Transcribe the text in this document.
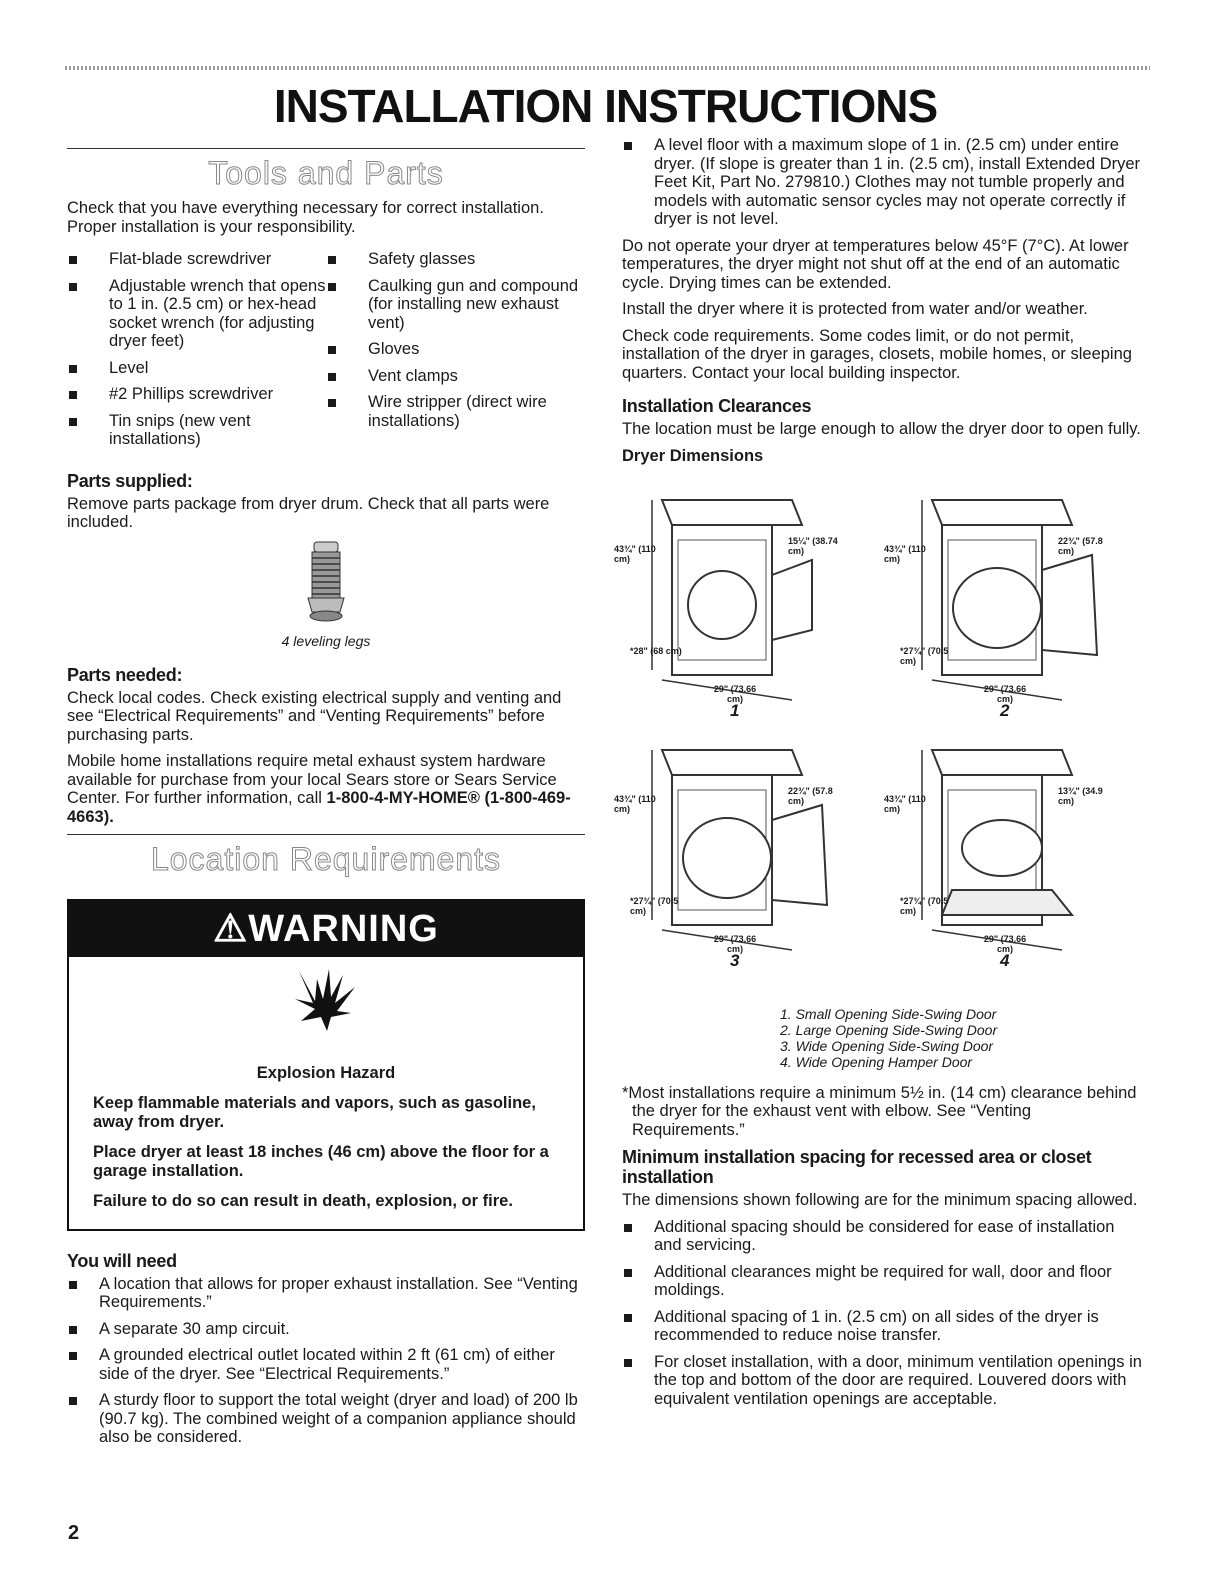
INSTALLATION INSTRUCTIONS
Tools and Parts

Check that you have everything necessary for correct installation. Proper installation is your responsibility.

Flat-blade screwdriver
Adjustable wrench that opens to 1 in. (2.5 cm) or hex-head socket wrench (for adjusting dryer feet)
Level
#2 Phillips screwdriver
Tin snips (new vent installations)
Safety glasses
Caulking gun and compound (for installing new exhaust vent)
Gloves
Vent clamps
Wire stripper (direct wire installations)
Parts supplied:

Remove parts package from dryer drum. Check that all parts were included.

4 leveling legs
Parts needed:

Check local codes. Check existing electrical supply and venting and see “Electrical Requirements” and “Venting Requirements” before purchasing parts.

Mobile home installations require metal exhaust system hardware available for purchase from your local Sears store or Sears Service Center. For further information, call 1-800-4-MY-HOME® (1-800-469-4663).

Location Requirements
⚠WARNING

Explosion Hazard

Keep flammable materials and vapors, such as gasoline, away from dryer.

Place dryer at least 18 inches (46 cm) above the floor for a garage installation.

Failure to do so can result in death, explosion, or fire.

You will need
A location that allows for proper exhaust installation. See “Venting Requirements.”
A separate 30 amp circuit.
A grounded electrical outlet located within 2 ft (61 cm) of either side of the dryer. See “Electrical Requirements.”
A sturdy floor to support the total weight (dryer and load) of 200 lb (90.7 kg). The combined weight of a companion appliance should also be considered.
A level floor with a maximum slope of 1 in. (2.5 cm) under entire dryer. (If slope is greater than 1 in. (2.5 cm), install Extended Dryer Feet Kit, Part No. 279810.) Clothes may not tumble properly and models with automatic sensor cycles may not operate correctly if dryer is not level.

Do not operate your dryer at temperatures below 45°F (7°C). At lower temperatures, the dryer might not shut off at the end of an automatic cycle. Drying times can be extended.

Install the dryer where it is protected from water and/or weather.

Check code requirements. Some codes limit, or do not permit, installation of the dryer in garages, closets, mobile homes, or sleeping quarters. Contact your local building inspector.

Installation Clearances

The location must be large enough to allow the dryer door to open fully.

Dryer Dimensions
43¾" (110 cm)
*28" (68 cm)
29" (73.66 cm)
15¼" (38.74 cm)
1
43¾" (110 cm)
*27¾" (70.5 cm)
29" (73.66 cm)
22¾" (57.8 cm)
2
43¾" (110 cm)
*27¾" (70.5 cm)
29" (73.66 cm)
22¾" (57.8 cm)
3
43¾" (110 cm)
*27¾" (70.5 cm)
29" (73.66 cm)
13¾" (34.9 cm)
4
1. Small Opening Side-Swing Door
2. Large Opening Side-Swing Door
3. Wide Opening Side-Swing Door
4. Wide Opening Hamper Door

*Most installations require a minimum 5½ in. (14 cm) clearance behind the dryer for the exhaust vent with elbow. See “Venting Requirements.”

Minimum installation spacing for recessed area or closet installation

The dimensions shown following are for the minimum spacing allowed.

Additional spacing should be considered for ease of installation and servicing.
Additional clearances might be required for wall, door and floor moldings.
Additional spacing of 1 in. (2.5 cm) on all sides of the dryer is recommended to reduce noise transfer.
For closet installation, with a door, minimum ventilation openings in the top and bottom of the door are required. Louvered doors with equivalent ventilation openings are acceptable.
2
